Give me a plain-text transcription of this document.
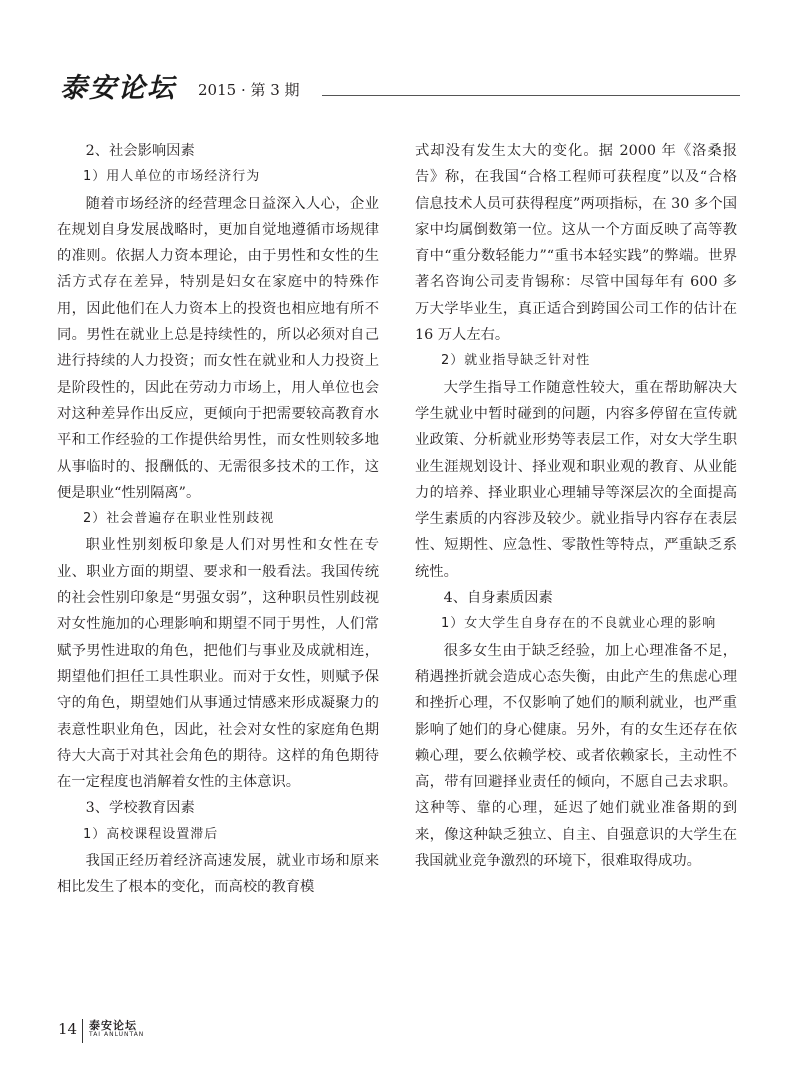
泰安论坛 2015 · 第 3 期

2、社会影响因素

1）用人单位的市场经济行为

随着市场经济的经营理念日益深入人心，企业在规划自身发展战略时，更加自觉地遵循市场规律的准则。依据人力资本理论，由于男性和女性的生活方式存在差异，特别是妇女在家庭中的特殊作用，因此他们在人力资本上的投资也相应地有所不同。男性在就业上总是持续性的，所以必须对自己进行持续的人力投资；而女性在就业和人力投资上是阶段性的，因此在劳动力市场上，用人单位也会对这种差异作出反应，更倾向于把需要较高教育水平和工作经验的工作提供给男性，而女性则较多地从事临时的、报酬低的、无需很多技术的工作，这便是职业“性别隔离”。

2）社会普遍存在职业性别歧视

职业性别刻板印象是人们对男性和女性在专业、职业方面的期望、要求和一般看法。我国传统的社会性别印象是“男强女弱”，这种职员性别歧视对女性施加的心理影响和期望不同于男性，人们常赋予男性进取的角色，把他们与事业及成就相连，期望他们担任工具性职业。而对于女性，则赋予保守的角色，期望她们从事通过情感来形成凝聚力的表意性职业角色，因此，社会对女性的家庭角色期待大大高于对其社会角色的期待。这样的角色期待在一定程度也消解着女性的主体意识。

3、学校教育因素

1）高校课程设置滞后

我国正经历着经济高速发展，就业市场和原来相比发生了根本的变化，而高校的教育模

式却没有发生太大的变化。据 2000 年《洛桑报告》称，在我国“合格工程师可获程度”以及“合格信息技术人员可获得程度”两项指标，在 30 多个国家中均属倒数第一位。这从一个方面反映了高等教育中“重分数轻能力”“重书本轻实践”的弊端。世界著名咨询公司麦肯锡称：尽管中国每年有 600 多万大学毕业生，真正适合到跨国公司工作的估计在 16 万人左右。

2）就业指导缺乏针对性

大学生指导工作随意性较大，重在帮助解决大学生就业中暂时碰到的问题，内容多停留在宣传就业政策、分析就业形势等表层工作，对女大学生职业生涯规划设计、择业观和职业观的教育、从业能力的培养、择业职业心理辅导等深层次的全面提高学生素质的内容涉及较少。就业指导内容存在表层性、短期性、应急性、零散性等特点，严重缺乏系统性。

4、自身素质因素

1）女大学生自身存在的不良就业心理的影响

很多女生由于缺乏经验，加上心理准备不足，稍遇挫折就会造成心态失衡，由此产生的焦虑心理和挫折心理，不仅影响了她们的顺利就业，也严重影响了她们的身心健康。另外，有的女生还存在依赖心理，要么依赖学校、或者依赖家长，主动性不高，带有回避择业责任的倾向，不愿自己去求职。这种等、靠的心理，延迟了她们就业准备期的到来，像这种缺乏独立、自主、自强意识的大学生在我国就业竞争激烈的环境下，很难取得成功。

14 泰安论坛
TAI ANLUNTAN
